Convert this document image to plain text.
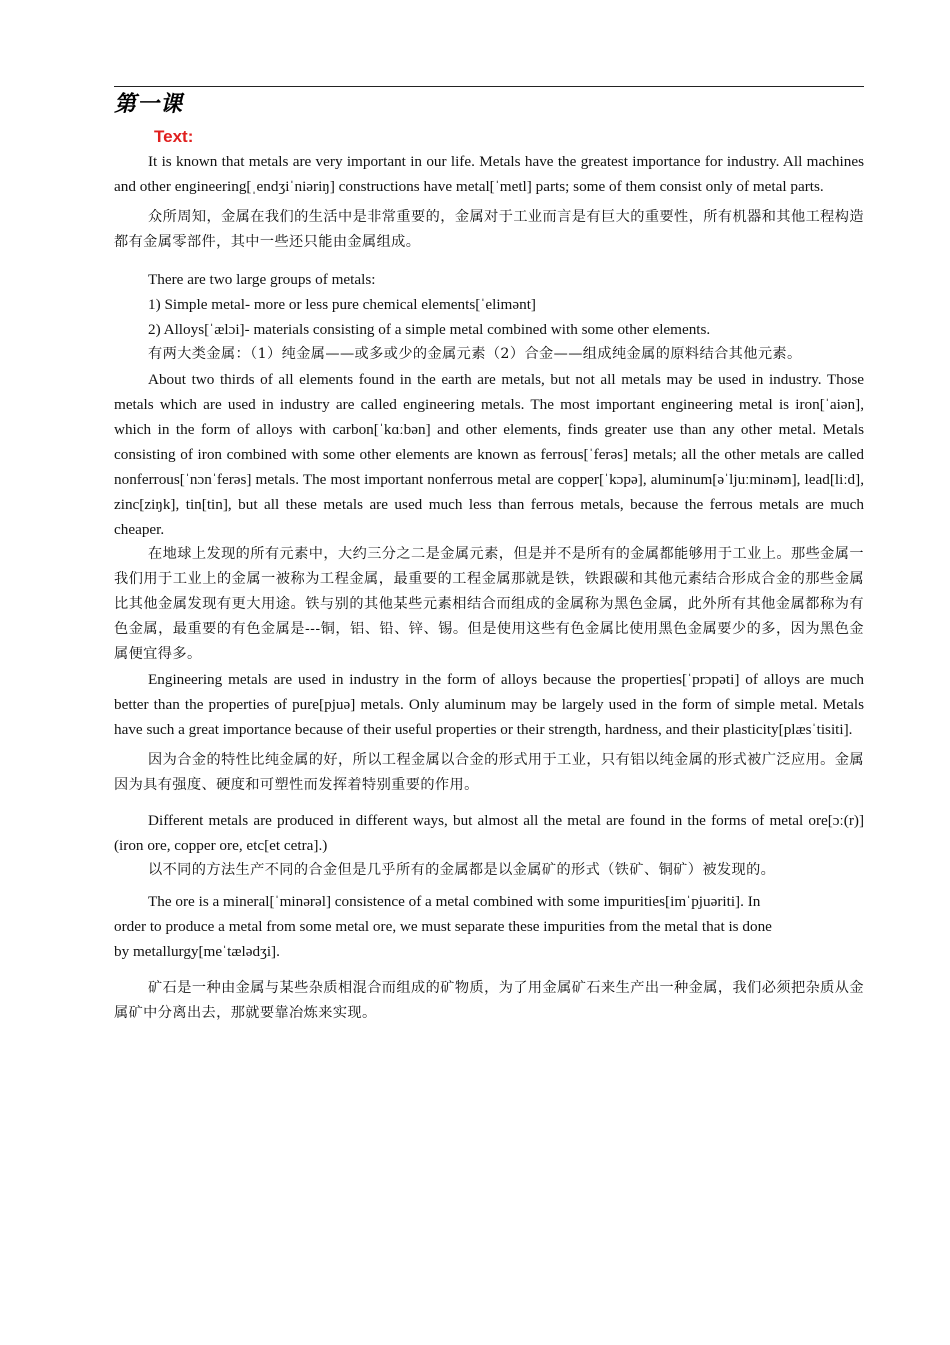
第一课
Text:

It is known that metals are very important in our life. Metals have the greatest importance for industry. All machines and other engineering[ˌendʒiˈniəriŋ] constructions have metal[ˈmetl] parts; some of them consist only of metal parts.

众所周知，金属在我们的生活中是非常重要的，金属对于工业而言是有巨大的重要性，所有机器和其他工程构造都有金属零部件，其中一些还只能由金属组成。

There are two large groups of metals:

1) Simple metal- more or less pure chemical elements[ˈelimənt]

2) Alloys[ˈælɔi]- materials consisting of a simple metal combined with some other elements.

有两大类金属：（1）纯金属——或多或少的金属元素（2）合金——组成纯金属的原料结合其他元素。

About two thirds of all elements found in the earth are metals, but not all metals may be used in industry. Those metals which are used in industry are called engineering metals. The most important engineering metal is iron[ˈaiən], which in the form of alloys with carbon[ˈkɑːbən] and other elements, finds greater use than any other metal. Metals consisting of iron combined with some other elements are known as ferrous[ˈferəs] metals; all the other metals are called nonferrous[ˈnɔnˈferəs] metals. The most important nonferrous metal are copper[ˈkɔpə], aluminum[əˈljuːminəm], lead[liːd], zinc[ziŋk], tin[tin], but all these metals are used much less than ferrous metals, because the ferrous metals are much cheaper.

在地球上发现的所有元素中，大约三分之二是金属元素，但是并不是所有的金属都能够用于工业上。那些金属一我们用于工业上的金属一被称为工程金属，最重要的工程金属那就是铁，铁跟碳和其他元素结合形成合金的那些金属比其他金属发现有更大用途。铁与别的其他某些元素相结合而组成的金属称为黑色金属，此外所有其他金属都称为有色金属，最重要的有色金属是---铜，铝、铅、锌、锡。但是使用这些有色金属比使用黑色金属要少的多，因为黑色金属便宜得多。

Engineering metals are used in industry in the form of alloys because the properties[ˈprɔpəti] of alloys are much better than the properties of pure[pjuə] metals. Only aluminum may be largely used in the form of simple metal. Metals have such a great importance because of their useful properties or their strength, hardness, and their plasticity[plæsˈtisiti].

因为合金的特性比纯金属的好，所以工程金属以合金的形式用于工业，只有铝以纯金属的形式被广泛应用。金属因为具有强度、硬度和可塑性而发挥着特别重要的作用。

Different metals are produced in different ways, but almost all the metal are found in the forms of metal ore[ɔː(r)] (iron ore, copper ore, etc[et cetra].)

以不同的方法生产不同的合金但是几乎所有的金属都是以金属矿的形式（铁矿、铜矿）被发现的。

The ore is a mineral[ˈminərəl] consistence of a metal combined with some impurities[imˈpjuəriti]. In

order to produce a metal from some metal ore, we must separate these impurities from the metal that is done

by metallurgy[meˈtælədʒi].

矿石是一种由金属与某些杂质相混合而组成的矿物质，为了用金属矿石来生产出一种金属，我们必须把杂质从金属矿中分离出去，那就要靠冶炼来实现。
